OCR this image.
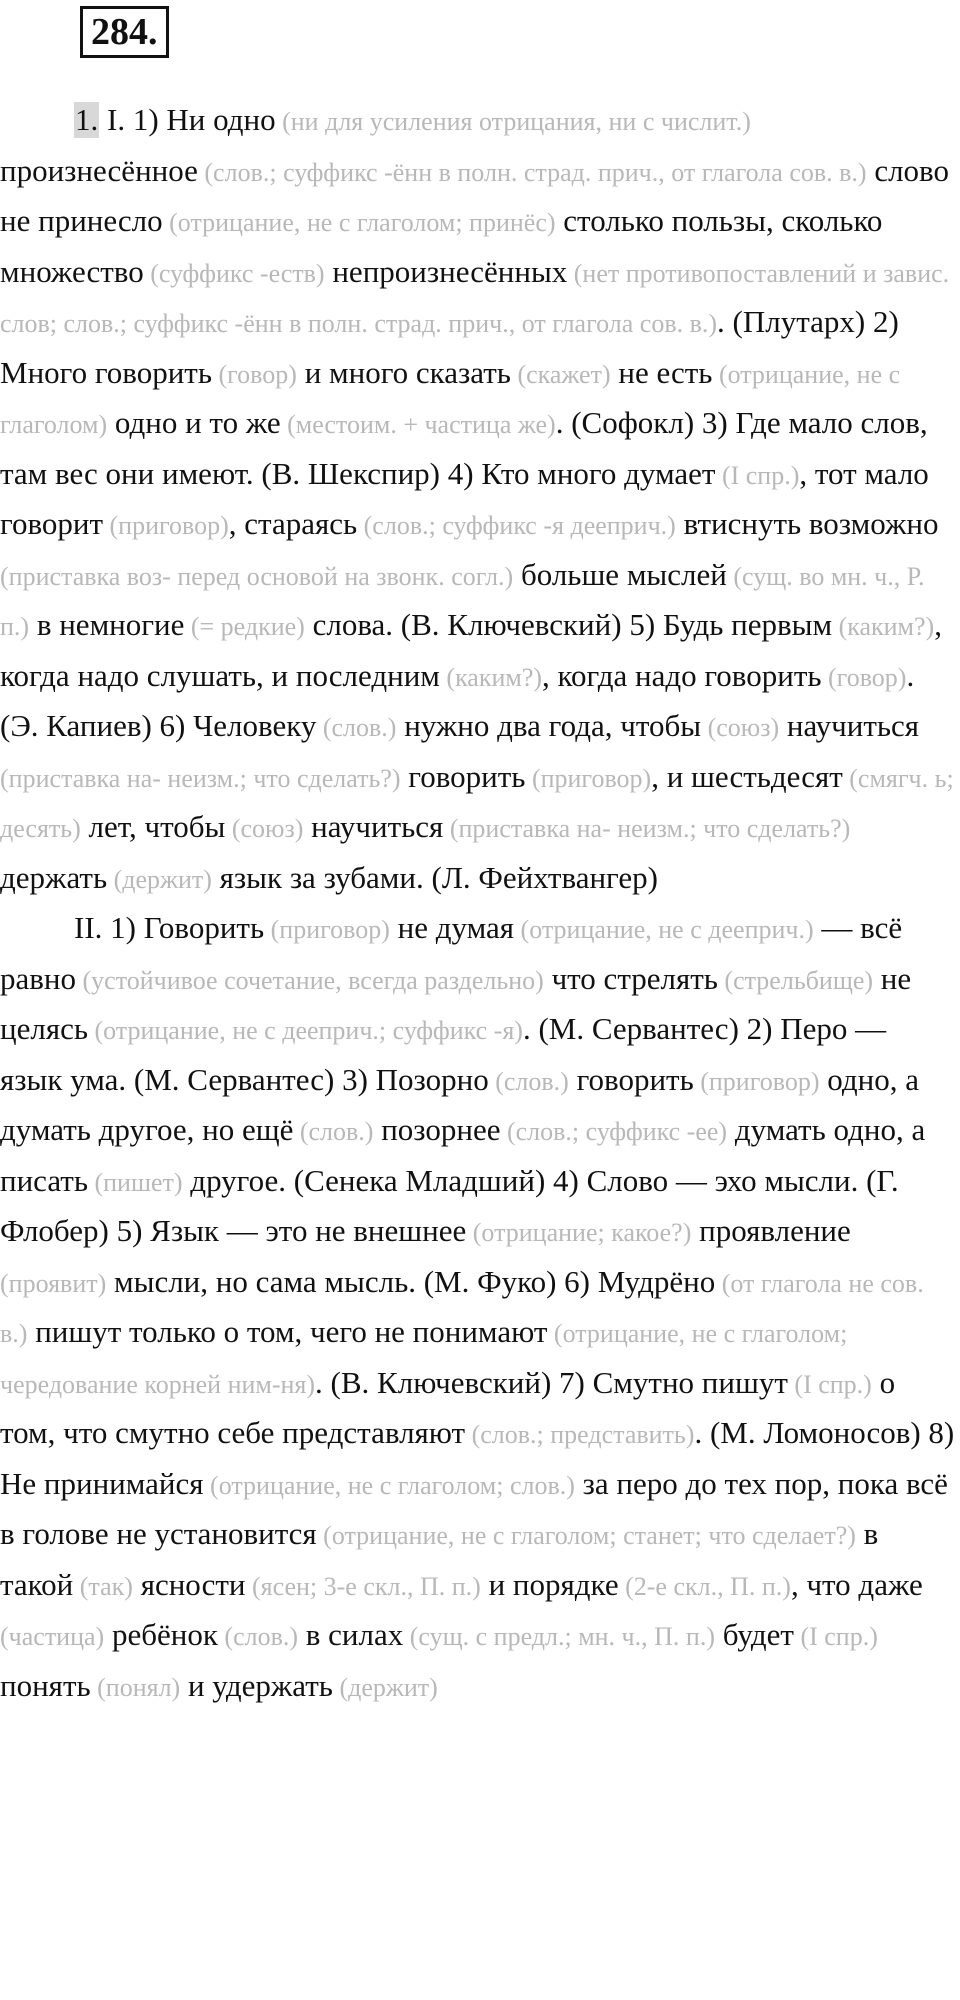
284.

1. I. 1) Ни одно (ни для усиления отрицания, ни с числит.) произнесённое (слов.; суффикс -ённ в полн. страд. прич., от глагола сов. в.) слово не принесло (отрицание, не с глаголом; принёс) столько пользы, сколько множество (суффикс -еств) непроизнесённых (нет противопоставлений и завис. слов; слов.; суффикс -ённ в полн. страд. прич., от глагола сов. в.). (Плутарх) 2) Много говорить (говор) и много сказать (скажет) не есть (отрицание, не с глаголом) одно и то же (местоим. + частица же). (Софокл) 3) Где мало слов, там вес они имеют. (В. Шекспир) 4) Кто много думает (I спр.), тот мало говорит (приговор), стараясь (слов.; суффикс -я дееприч.) втиснуть возможно (приставка воз- перед основой на звонк. согл.) больше мыслей (сущ. во мн. ч., Р. п.) в немногие (= редкие) слова. (В. Ключевский) 5) Будь первым (каким?), когда надо слушать, и последним (каким?), когда надо говорить (говор). (Э. Капиев) 6) Человеку (слов.) нужно два года, чтобы (союз) научиться (приставка на- неизм.; что сделать?) говорить (приговор), и шестьдесят (смягч. ь; десять) лет, чтобы (союз) научиться (приставка на- неизм.; что сделать?) держать (держит) язык за зубами. (Л. Фейхтвангер)

II. 1) Говорить (приговор) не думая (отрицание, не с дееприч.) — всё равно (устойчивое сочетание, всегда раздельно) что стрелять (стрельбище) не целясь (отрицание, не с дееприч.; суффикс -я). (М. Сервантес) 2) Перо — язык ума. (М. Сервантес) 3) Позорно (слов.) говорить (приговор) одно, а думать другое, но ещё (слов.) позорнее (слов.; суффикс -ее) думать одно, а писать (пишет) другое. (Сенека Младший) 4) Слово — эхо мысли. (Г. Флобер) 5) Язык — это не внешнее (отрицание; какое?) проявление (проявит) мысли, но сама мысль. (М. Фуко) 6) Мудрёно (от глагола не сов. в.) пишут только о том, чего не понимают (отрицание, не с глаголом; чередование корней ним-ня). (В. Ключевский) 7) Смутно пишут (I спр.) о том, что смутно себе представляют (слов.; представить). (М. Ломоносов) 8) Не принимайся (отрицание, не с глаголом; слов.) за перо до тех пор, пока всё в голове не установится (отрицание, не с глаголом; станет; что сделает?) в такой (так) ясности (ясен; 3-е скл., П. п.) и порядке (2-е скл., П. п.), что даже (частица) ребёнок (слов.) в силах (сущ. с предл.; мн. ч., П. п.) будет (I спр.) понять (понял) и удержать (держит)
